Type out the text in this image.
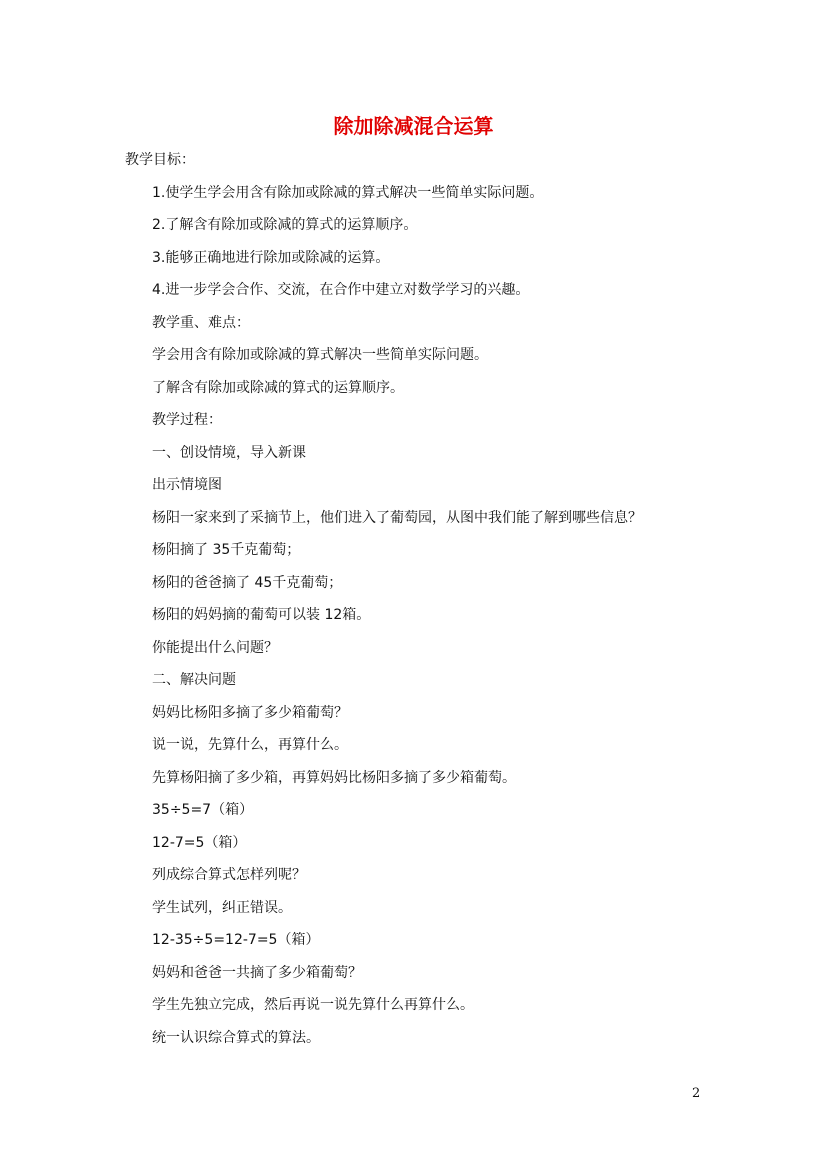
除加除减混合运算
教学目标：
1.使学生学会用含有除加或除减的算式解决一些简单实际问题。
2.了解含有除加或除减的算式的运算顺序。
3.能够正确地进行除加或除减的运算。
4.进一步学会合作、交流，在合作中建立对数学学习的兴趣。
教学重、难点：
学会用含有除加或除减的算式解决一些简单实际问题。
了解含有除加或除减的算式的运算顺序。
教学过程：
一、创设情境，导入新课
出示情境图
杨阳一家来到了采摘节上，他们进入了葡萄园，从图中我们能了解到哪些信息？
杨阳摘了 35千克葡萄；
杨阳的爸爸摘了 45千克葡萄；
杨阳的妈妈摘的葡萄可以装 12箱。
你能提出什么问题？
二、解决问题
妈妈比杨阳多摘了多少箱葡萄？
说一说，先算什么，再算什么。
先算杨阳摘了多少箱，再算妈妈比杨阳多摘了多少箱葡萄。
35÷5=7（箱）
12-7=5（箱）
列成综合算式怎样列呢？
学生试列，纠正错误。
12-35÷5=12-7=5（箱）
妈妈和爸爸一共摘了多少箱葡萄？
学生先独立完成，然后再说一说先算什么再算什么。
统一认识综合算式的算法。
2
